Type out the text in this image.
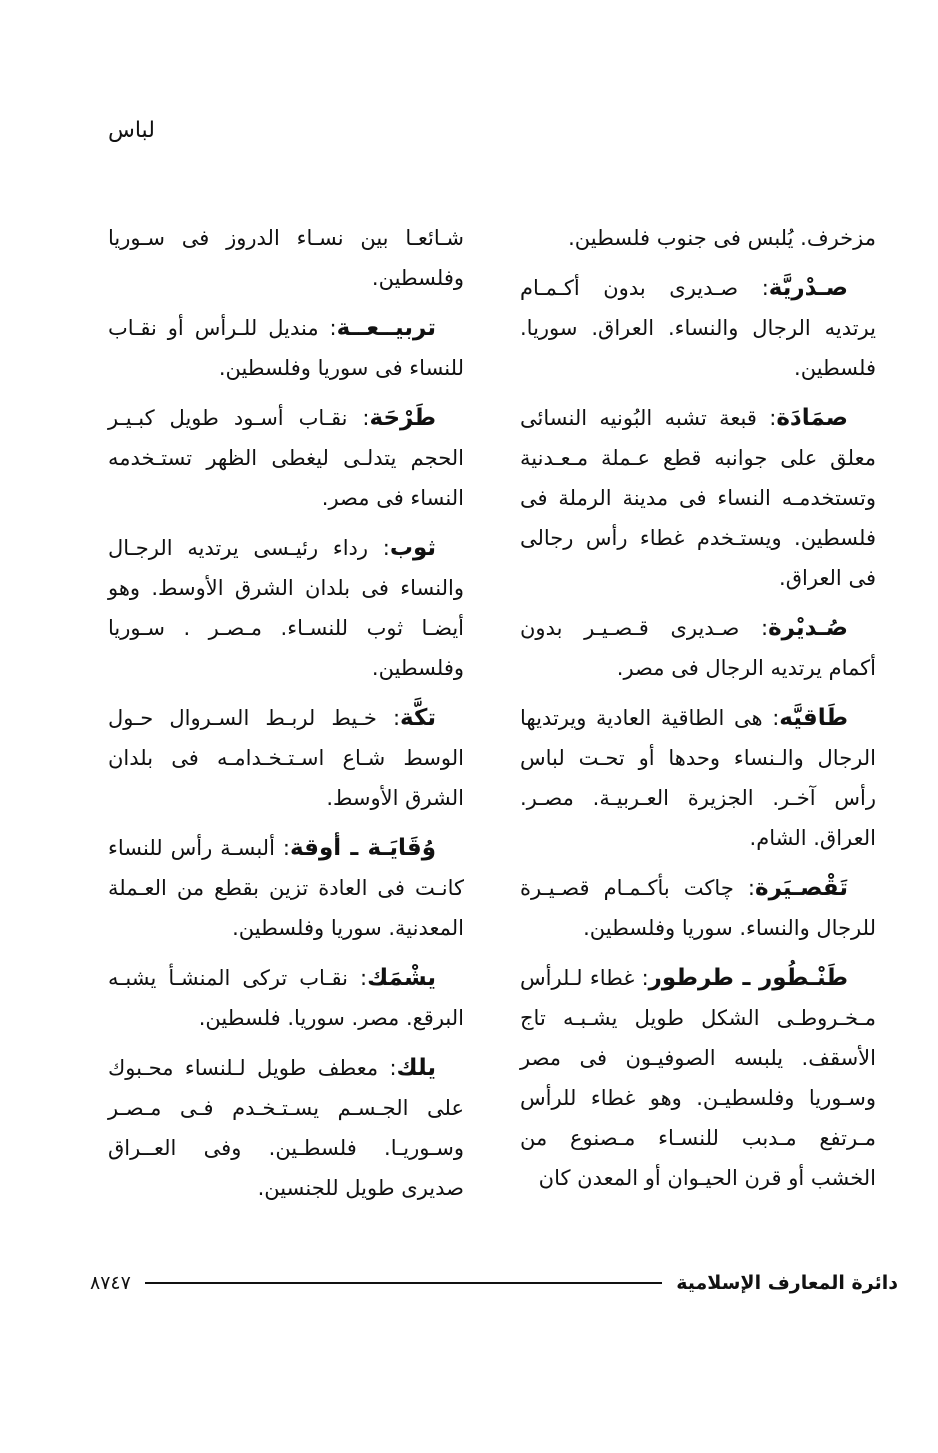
لباس

مزخرف. يُلبس فى جنوب فلسطين.

صـدْريَّة: صـديرى بدون أكـمـام يرتديه الرجال والنساء. العراق. سوريا. فلسطين.

صمَادَة: قبعة تشبه البُونيه النسائى معلق على جوانبه قطع عـملة مـعـدنية وتستخدمـه النساء فى مدينة الرملة فى فلسطين. ويستـخدم غطاء رأس رجالى فى العراق.

صُـديْرة: صـديرى قـصـيـر بدون أكمام يرتديه الرجال فى مصر.

طَاقيَّه: هى الطاقية العادية ويرتديها الرجال والـنساء وحدها أو تحـت لباس رأس آخـر. الجزيرة العـربيـة. مصـر. العراق. الشام.

تَقْصـيَرة: چاكت بأكـمـام قصـيـرة للرجال والنساء. سوريا وفلسطين.

طَنْـطُور ـ طرطور: غطاء لـلرأس مـخـروطـى الشكل طويل يشـبـه تاج الأسقف. يلبسه الصوفيـون فى مصر وسـوريا وفلسطيـن. وهو غطاء للرأس مـرتفع مـدبب للنسـاء مـصنوع من الخشب أو قرن الحيـوان أو المعدن كان

شـائعـا بين نسـاء الدروز فى سـوريا وفلسطين.

تربيــعــة: منديل للـرأس أو نقـاب للنساء فى سوريا وفلسطين.

طَرْحَة: نقـاب أسـود طويل كبـيـر الحجم يتدلـى ليغطى الظهر تستـخدمه النساء فى مصر.

ثوب: رداء رئيـسى يرتديه الرجـال والنساء فى بلدان الشرق الأوسط. وهو أيضـا ثوب للنسـاء. مـصـر . سـوريا وفلسطين.

تكَّة: خـيط لربـط السـروال حـول الوسط شـاع اسـتـخـدامـه فى بلدان الشرق الأوسط.

وُقَايَـة ـ أوقة: ألبسـة رأس للنساء كانـت فى العادة تزين بقطع من العـملة المعدنية. سوريا وفلسطين.

يشْمَك: نقـاب تركى المنشـأ يشبـه البرقع. مصر. سوريا. فلسطين.

يلك: معطف طويل لـلنساء محـبوك على الجـسـم يسـتـخـدم فـى مـصـر وسـوريـا. فلسطـين. وفى العــراق صديرى طويل للجنسين.

دائرة المعارف الإسلامية
٨٧٤٧
